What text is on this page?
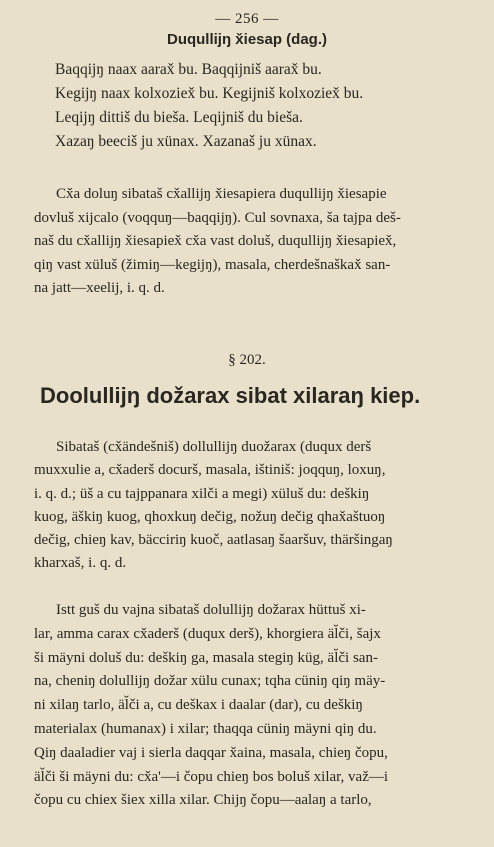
— 256 —
Duqullijŋ x̌iesap (dag.)
Baqqijŋ naax aarax̌ bu. Baqqijniš aarax̌ bu.
Kegijŋ naax kolxoziex̌ bu. Kegijniš kolxoziex̌ bu.
Leqijŋ dittiš du bieša. Leqijniš du bieša.
Xazaŋ beeciš ju xünax. Xazanaš ju xünax.
Cx̌a doluŋ sibataš cx̌allijŋ x̌iesapiera duqullijŋ x̌iesapie
dovluš xijcalo (voqquŋ—baqqijŋ). Cul sovnaxa, ša tajpa deš-
naš du cx̌allijŋ x̌iesapiex̌ cx̌a vast doluš, duqullijŋ x̌iesapiex̌,
qiŋ vast xüluš (žimiŋ—kegijŋ), masala, cherdešnaškax̌ san-
na jatt—xeelij, i. q. d.
§ 202.
Doolullijŋ dožarax sibat xilaraŋ kiep.
Sibataš (cx̌ändešniš) dollullijŋ duožarax (duqux derš
muxxulie a, cx̌aderš docurš, masala, ištiniš: joqquŋ, loxuŋ,
i. q. d.; üš a cu tajppanara xilči a megi) xüluš du: deškiŋ
kuog, äškiŋ kuog, qhoxkuŋ dečig, nožuŋ dečig qhax̌aštuoŋ
dečig, chieŋ kav, bäcciriŋ kuoč, aatlasaŋ šaaršuv, thäršingaŋ
kharxaš, i. q. d.
Istt guš du vajna sibataš dolullijŋ dožarax hüttuš xi-
lar, amma carax cx̌aderš (duqux derš), khorgiera äl̆či, šajx
ši mäyni doluš du: deškiŋ ga, masala stegiŋ küg, äl̆či san-
na, cheniŋ dolullijŋ dožar xülu cunax; tqha cüniŋ qiŋ mäy-
ni xilaŋ tarlo, äl̆či a, cu deškax i daalar (dar), cu deškiŋ
materialax (humanax) i xilar; thaqqa cüniŋ mäyni qiŋ du.
Qiŋ daaladier vaj i sierla daqqar x̌aina, masala, chieŋ čopu,
äl̆či ši mäyni du: cx̌a'—i čopu chieŋ bos boluš xilar, važ—i
čopu cu chiex šiex xilla xilar. Chijŋ čopu—aalaŋ a tarlo,
